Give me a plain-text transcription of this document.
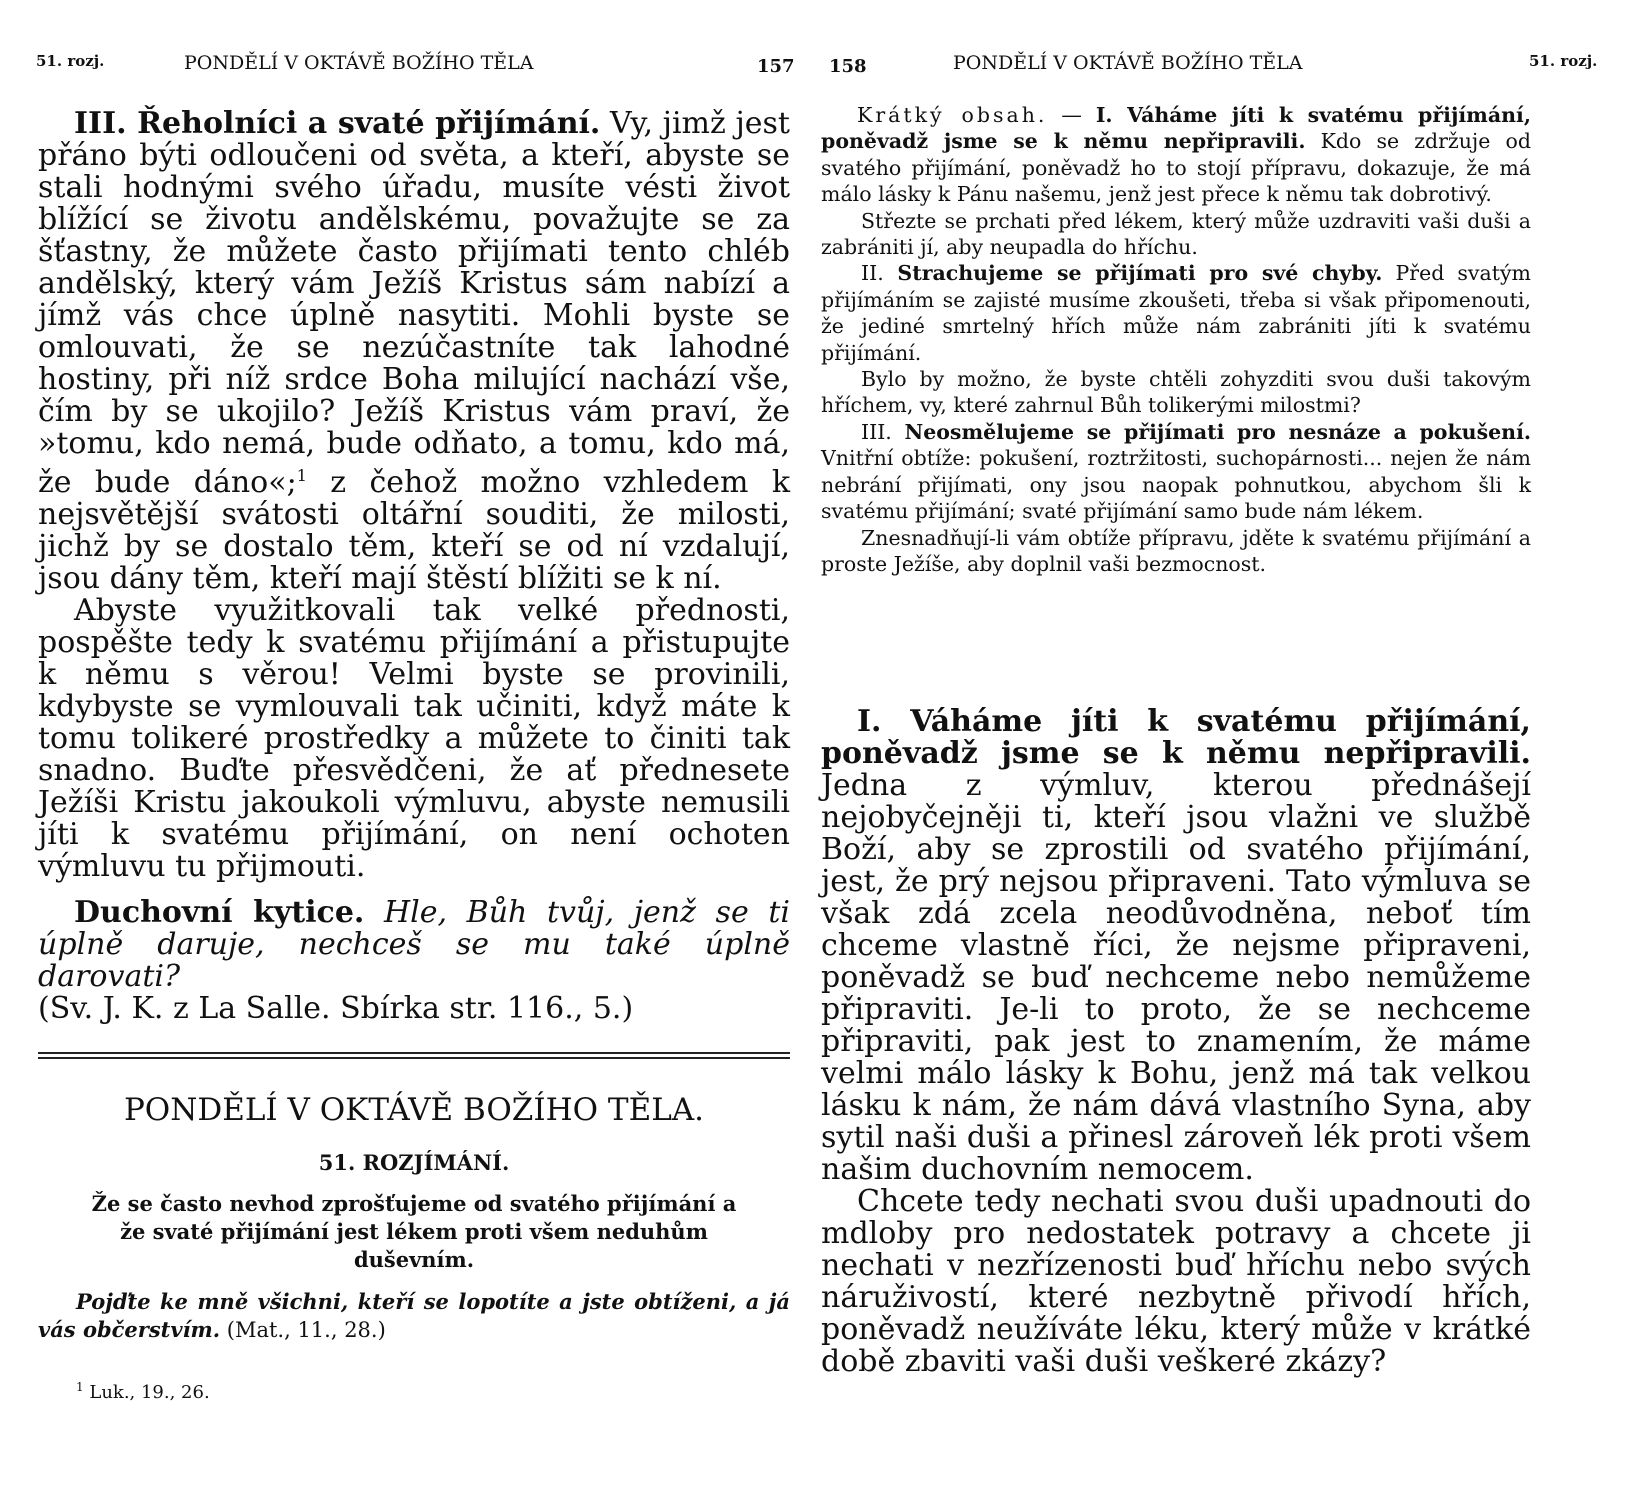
51. rozj.	PONDĚLÍ V OKTÁVĚ BOŽÍHO TĚLA	157

III. Řeholníci a svaté přijímání. Vy, jimž jest přáno býti odloučeni od světa, a kteří, abyste se stali hodnými svého úřadu, musíte vésti život blížící se životu andělskému, považujte se za šťastny, že můžete často přijímati tento chléb andělský, který vám Ježíš Kristus sám nabízí a jímž vás chce úplně nasytiti. Mohli byste se omlouvati, že se nezúčastníte tak lahodné hostiny, při níž srdce Boha milující nachází vše, čím by se ukojilo? Ježíš Kristus vám praví, že »tomu, kdo nemá, bude odňato, a tomu, kdo má, že bude dáno«;$^1$ z čehož možno vzhledem k nejsvětější svátosti oltářní souditi, že milosti, jichž by se dostalo těm, kteří se od ní vzdalují, jsou dány těm, kteří mají štěstí blížiti se k ní.

Abyste využitkovali tak velké přednosti, pospěšte tedy k svatému přijímání a přistupujte k němu s věrou! Velmi byste se provinili, kdybyste se vymlouvali tak učiniti, když máte k tomu tolikeré prostředky a můžete to činiti tak snadno. Buďte přesvědčeni, že ať přednesete Ježíši Kristu jakoukoli výmluvu, abyste nemusili jíti k svatému přijímání, on není ochoten výmluvu tu přijmouti.

Duchovní kytice. Hle, Bůh tvůj, jenž se ti úplně daruje, nechceš se mu také úplně darovati?
(Sv. J. K. z La Salle. Sbírka str. 116., 5.)

PONDĚLÍ V OKTÁVĚ BOŽÍHO TĚLA.
51. ROZJÍMÁNÍ.
Že se často nevhod zprošťujeme od svatého přijímání a že svaté přijímání jest lékem proti všem neduhům duševním.

Pojďte ke mně všichni, kteří se lopotíte a jste obtíženi, a já vás občerstvím. (Mat., 11., 28.)

$^1$ Luk., 19., 26.
158	PONDĚLÍ V OKTÁVĚ BOŽÍHO TĚLA	51. rozj.

Krátký obsah. — I. Váháme jíti k svatému přijímání, poněvadž jsme se k němu nepřipravili. Kdo se zdržuje od svatého přijímání, poněvadž ho to stojí přípravu, dokazuje, že má málo lásky k Pánu našemu, jenž jest přece k němu tak dobrotivý.

Střezte se prchati před lékem, který může uzdraviti vaši duši a zabrániti jí, aby neupadla do hříchu.

II. Strachujeme se přijímati pro své chyby. Před svatým přijímáním se zajisté musíme zkoušeti, třeba si však připomenouti, že jediné smrtelný hřích může nám zabrániti jíti k svatému přijímání.

Bylo by možno, že byste chtěli zohyzditi svou duši takovým hříchem, vy, které zahrnul Bůh tolikerými milostmi?

III. Neosmělujeme se přijímati pro nesnáze a pokušení. Vnitřní obtíže: pokušení, roztržitosti, suchopárnosti... nejen že nám nebrání přijímati, ony jsou naopak pohnutkou, abychom šli k svatému přijímání; svaté přijímání samo bude nám lékem.

Znesnadňují-li vám obtíže přípravu, jděte k svatému přijímání a proste Ježíše, aby doplnil vaši bezmocnost.

I. Váháme jíti k svatému přijímání, poněvadž jsme se k němu nepřipravili. Jedna z výmluv, kterou přednášejí nejobyčejněji ti, kteří jsou vlažni ve službě Boží, aby se zprostili od svatého přijímání, jest, že prý nejsou připraveni. Tato výmluva se však zdá zcela neodůvodněna, neboť tím chceme vlastně říci, že nejsme připraveni, poněvadž se buď nechceme nebo nemůžeme připraviti. Je-li to proto, že se nechceme připraviti, pak jest to znamením, že máme velmi málo lásky k Bohu, jenž má tak velkou lásku k nám, že nám dává vlastního Syna, aby sytil naši duši a přinesl zároveň lék proti všem našim duchovním nemocem.

Chcete tedy nechati svou duši upadnouti do mdloby pro nedostatek potravy a chcete ji nechati v nezřízenosti buď hříchu nebo svých náruživostí, které nezbytně přivodí hřích, poněvadž neužíváte léku, který může v krátké době zbaviti vaši duši veškeré zkázy?
